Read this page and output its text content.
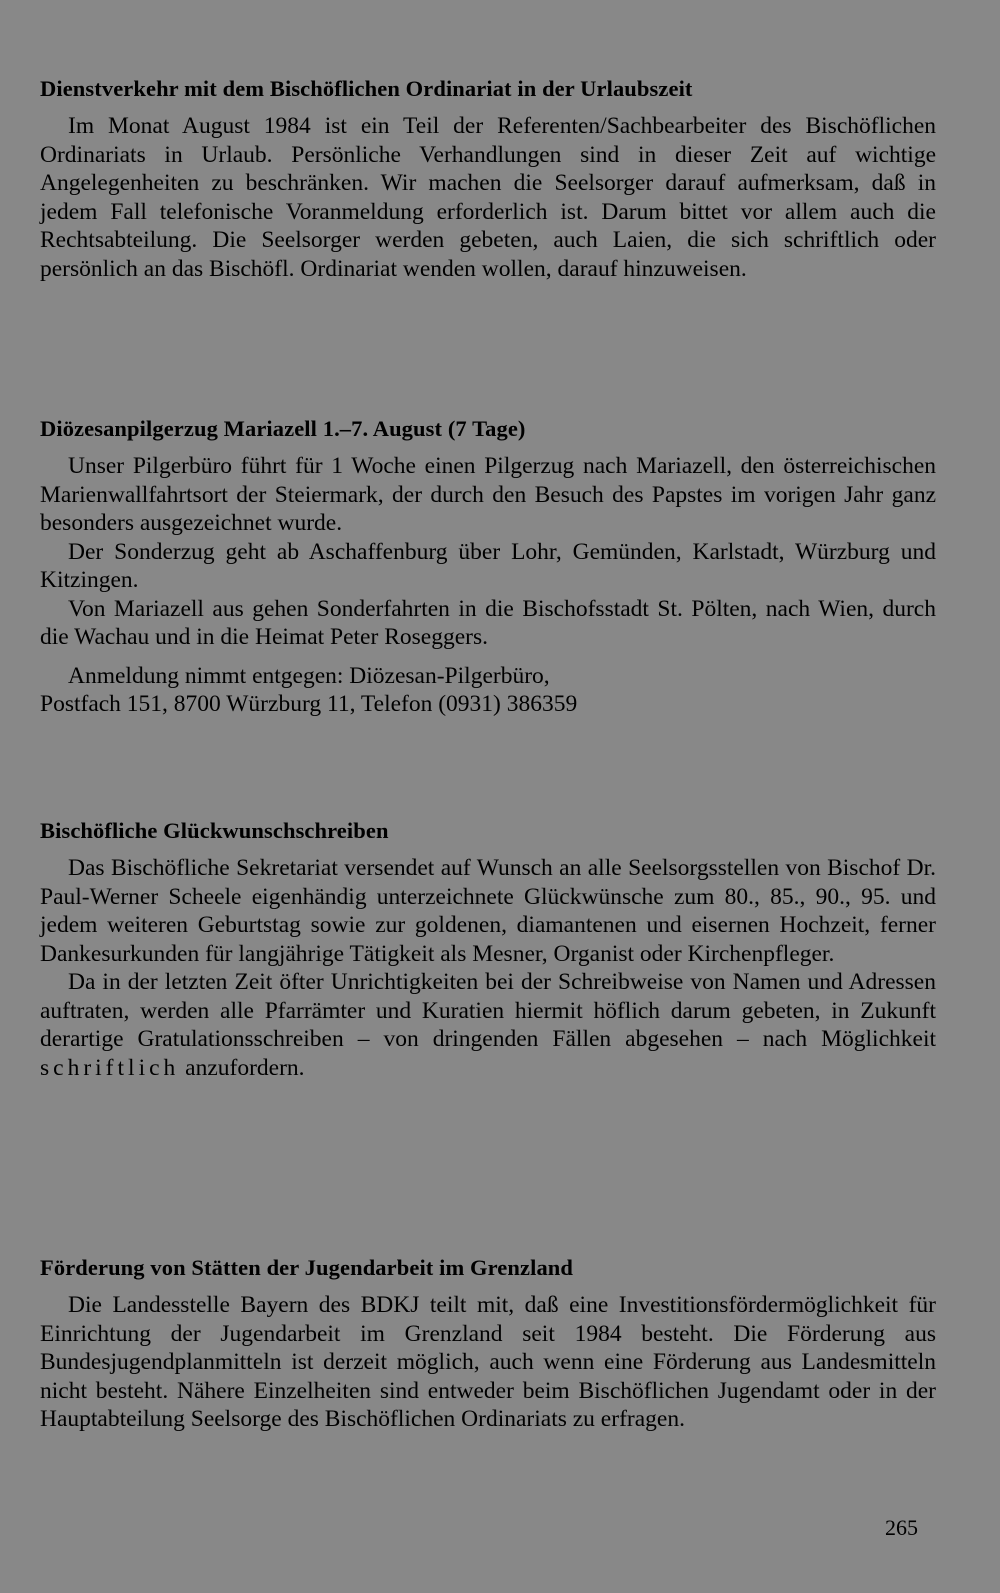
Dienstverkehr mit dem Bischöflichen Ordinariat in der Urlaubszeit

Im Monat August 1984 ist ein Teil der Referenten/Sachbearbeiter des Bischöflichen Ordinariats in Urlaub. Persönliche Verhandlungen sind in dieser Zeit auf wichtige Angelegenheiten zu beschränken. Wir machen die Seelsorger darauf aufmerksam, daß in jedem Fall telefonische Voranmeldung erforderlich ist. Darum bittet vor allem auch die Rechtsabteilung. Die Seelsorger werden gebeten, auch Laien, die sich schriftlich oder persönlich an das Bischöfl. Ordinariat wenden wollen, darauf hinzuweisen.

Diözesanpilgerzug Mariazell 1.–7. August (7 Tage)

Unser Pilgerbüro führt für 1 Woche einen Pilgerzug nach Mariazell, den österreichischen Marienwallfahrtsort der Steiermark, der durch den Besuch des Papstes im vorigen Jahr ganz besonders ausgezeichnet wurde.

Der Sonderzug geht ab Aschaffenburg über Lohr, Gemünden, Karlstadt, Würzburg und Kitzingen.

Von Mariazell aus gehen Sonderfahrten in die Bischofsstadt St. Pölten, nach Wien, durch die Wachau und in die Heimat Peter Roseggers.

Anmeldung nimmt entgegen: Diözesan-Pilgerbüro,
Postfach 151, 8700 Würzburg 11, Telefon (0931) 386359
Bischöfliche Glückwunschschreiben

Das Bischöfliche Sekretariat versendet auf Wunsch an alle Seelsorgsstellen von Bischof Dr. Paul-Werner Scheele eigenhändig unterzeichnete Glückwünsche zum 80., 85., 90., 95. und jedem weiteren Geburtstag sowie zur goldenen, diamantenen und eisernen Hochzeit, ferner Dankesurkunden für langjährige Tätigkeit als Mesner, Organist oder Kirchenpfleger.

Da in der letzten Zeit öfter Unrichtigkeiten bei der Schreibweise von Namen und Adressen auftraten, werden alle Pfarrämter und Kuratien hiermit höflich darum gebeten, in Zukunft derartige Gratulationsschreiben – von dringenden Fällen abgesehen – nach Möglichkeit schriftlich anzufordern.

Förderung von Stätten der Jugendarbeit im Grenzland

Die Landesstelle Bayern des BDKJ teilt mit, daß eine Investitionsfördermöglichkeit für Einrichtung der Jugendarbeit im Grenzland seit 1984 besteht. Die Förderung aus Bundesjugendplanmitteln ist derzeit möglich, auch wenn eine Förderung aus Landesmitteln nicht besteht. Nähere Einzelheiten sind entweder beim Bischöflichen Jugendamt oder in der Hauptabteilung Seelsorge des Bischöflichen Ordinariats zu erfragen.

265
